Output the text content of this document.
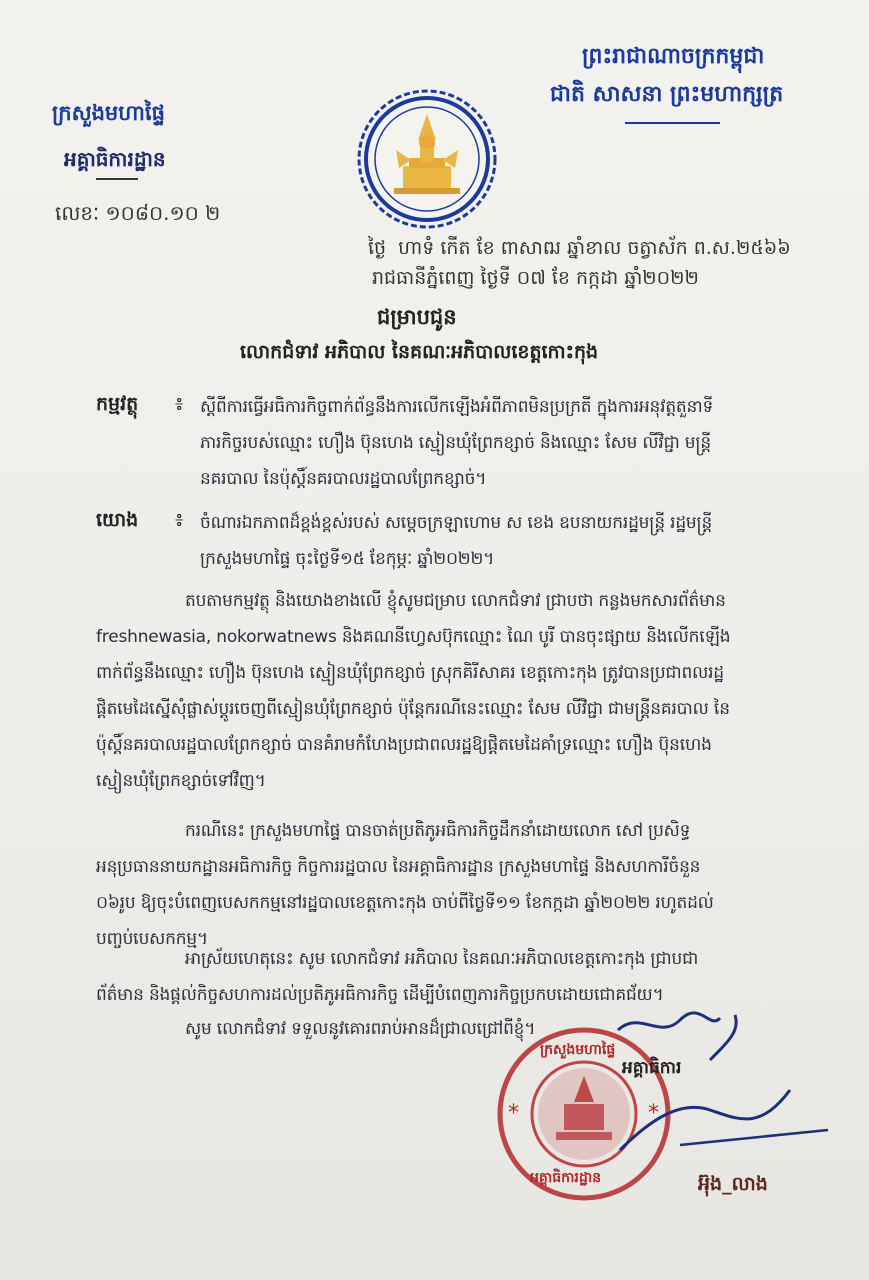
ព្រះរាជាណាចក្រកម្ពុជា
ជាតិ សាសនា ព្រះមហាក្សត្រ
ក្រសួងមហាផ្ទៃ
អគ្គាធិការដ្ឋាន
លេខៈ ១០៨០.១០ ២
ថ្ងៃ ​ ហាទំ កើត ​ខែ ពាសាឍ ឆ្នាំខាល ចត្វាស័ក ព.ស.២៥៦៦
រាជធានីភ្នំពេញ ថ្ងៃទី ០៧ ខែ កក្កដា ឆ្នាំ២០២២
ជម្រាបជូន
លោកជំទាវ អភិបាល នៃគណៈអភិបាលខេត្តកោះកុង
កម្មវត្ថុ ៖ ស្តីពីការធ្វើអធិការកិច្ចពាក់ព័ន្ធនឹងការលើកឡើងអំពីភាពមិនប្រក្រតី ក្នុងការអនុវត្តតួនាទី
ភារកិច្ចរបស់ឈ្មោះ ហឿង ប៊ុនហេង ស្មៀនឃុំព្រែកខ្សាច់ និងឈ្មោះ សែម លីវិជ្ជា មន្រ្តី
នគរបាល នៃប៉ុស្តិ៍នគរបាលរដ្ឋបាលព្រែកខ្សាច់។
យោង ៖ ចំណារឯកភាពដ៏ខ្ពង់ខ្ពស់របស់ សម្តេចក្រឡាហោម ស ខេង ឧបនាយករដ្ឋមន្រ្តី រដ្ឋមន្រ្តី
ក្រសួងមហាផ្ទៃ ចុះថ្ងៃទី១៥ ខែកុម្ភៈ ឆ្នាំ២០២២។
តបតាមកម្មវត្ថុ និងយោងខាងលើ ខ្ញុំសូមជម្រាប លោកជំទាវ ជ្រាបថា កន្លងមកសារព័ត៌មាន
freshnewasia, nokorwatnews និងគណនីហ្វេសប៊ុកឈ្មោះ ណៃ បូរី បានចុះផ្សាយ និងលើកឡើង
ពាក់ព័ន្ធនឹងឈ្មោះ ហឿង ប៊ុនហេង ស្មៀនឃុំព្រែកខ្សាច់ ស្រុកគិរីសាគរ ខេត្តកោះកុង ត្រូវបានប្រជាពលរដ្ឋ
ផ្តិតមេដៃស្នើសុំផ្លាស់ប្តូរចេញពីស្មៀនឃុំព្រែកខ្សាច់ ប៉ុន្តែករណីនេះឈ្មោះ សែម លីវិជ្ជា ជាមន្រ្តីនគរបាល នៃ
ប៉ុស្តិ៍នគរបាលរដ្ឋបាលព្រែកខ្សាច់ បានគំរាមកំហែងប្រជាពលរដ្ឋឱ្យផ្តិតមេដៃគាំទ្រឈ្មោះ ហឿង ប៊ុនហេង
ស្មៀនឃុំព្រែកខ្សាច់ទៅវិញ។
ករណីនេះ ក្រសួងមហាផ្ទៃ បានចាត់ប្រតិភូអធិការកិច្ចដឹកនាំដោយលោក សៅ ប្រសិទ្ធ
អនុប្រធាននាយកដ្ឋានអធិការកិច្ច កិច្ចការរដ្ឋបាល នៃអគ្គាធិការដ្ឋាន ក្រសួងមហាផ្ទៃ និងសហការីចំនួន
០៦រូប ឱ្យចុះបំពេញបេសកកម្មនៅរដ្ឋបាលខេត្តកោះកុង ចាប់ពីថ្ងៃទី១១ ខែកក្កដា ឆ្នាំ២០២២ រហូតដល់
បញ្ចប់បេសកកម្ម។
អាស្រ័យហេតុនេះ សូម លោកជំទាវ អភិបាល នៃគណៈអភិបាលខេត្តកោះកុង ជ្រាបជា
ព័ត៌មាន និងផ្តល់កិច្ចសហការដល់ប្រតិភូអធិការកិច្ច ដើម្បីបំពេញភារកិច្ចប្រកបដោយជោគជ័យ។
សូម លោកជំទាវ ទទួលនូវគោរពរាប់អានដ៏ជ្រាលជ្រៅពីខ្ញុំ។
*	*
ក្រសួងមហាផ្ទៃ
អគ្គាធិការដ្ឋាន
អគ្គាធិការ
អ៊ុង_លាង
